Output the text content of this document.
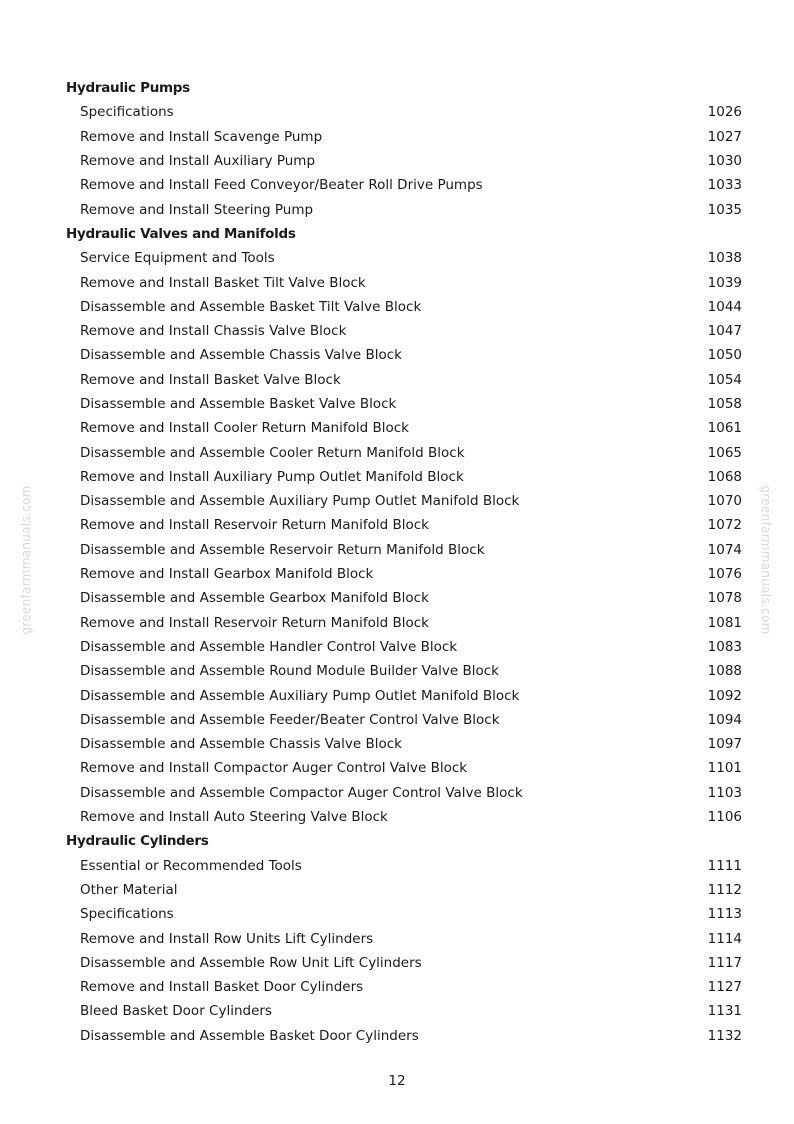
greenfarmmanuals.com	greenfarmmanuals.com
Hydraulic Pumps
Specifications	1026
Remove and Install Scavenge Pump	1027
Remove and Install Auxiliary Pump	1030
Remove and Install Feed Conveyor/Beater Roll Drive Pumps	1033
Remove and Install Steering Pump	1035
Hydraulic Valves and Manifolds
Service Equipment and Tools	1038
Remove and Install Basket Tilt Valve Block	1039
Disassemble and Assemble Basket Tilt Valve Block	1044
Remove and Install Chassis Valve Block	1047
Disassemble and Assemble Chassis Valve Block	1050
Remove and Install Basket Valve Block	1054
Disassemble and Assemble Basket Valve Block	1058
Remove and Install Cooler Return Manifold Block	1061
Disassemble and Assemble Cooler Return Manifold Block	1065
Remove and Install Auxiliary Pump Outlet Manifold Block	1068
Disassemble and Assemble Auxiliary Pump Outlet Manifold Block	1070
Remove and Install Reservoir Return Manifold Block	1072
Disassemble and Assemble Reservoir Return Manifold Block	1074
Remove and Install Gearbox Manifold Block	1076
Disassemble and Assemble Gearbox Manifold Block	1078
Remove and Install Reservoir Return Manifold Block	1081
Disassemble and Assemble Handler Control Valve Block	1083
Disassemble and Assemble Round Module Builder Valve Block	1088
Disassemble and Assemble Auxiliary Pump Outlet Manifold Block	1092
Disassemble and Assemble Feeder/Beater Control Valve Block	1094
Disassemble and Assemble Chassis Valve Block	1097
Remove and Install Compactor Auger Control Valve Block	1101
Disassemble and Assemble Compactor Auger Control Valve Block	1103
Remove and Install Auto Steering Valve Block	1106
Hydraulic Cylinders
Essential or Recommended Tools	1111
Other Material	1112
Specifications	1113
Remove and Install Row Units Lift Cylinders	1114
Disassemble and Assemble Row Unit Lift Cylinders	1117
Remove and Install Basket Door Cylinders	1127
Bleed Basket Door Cylinders	1131
Disassemble and Assemble Basket Door Cylinders	1132
12
